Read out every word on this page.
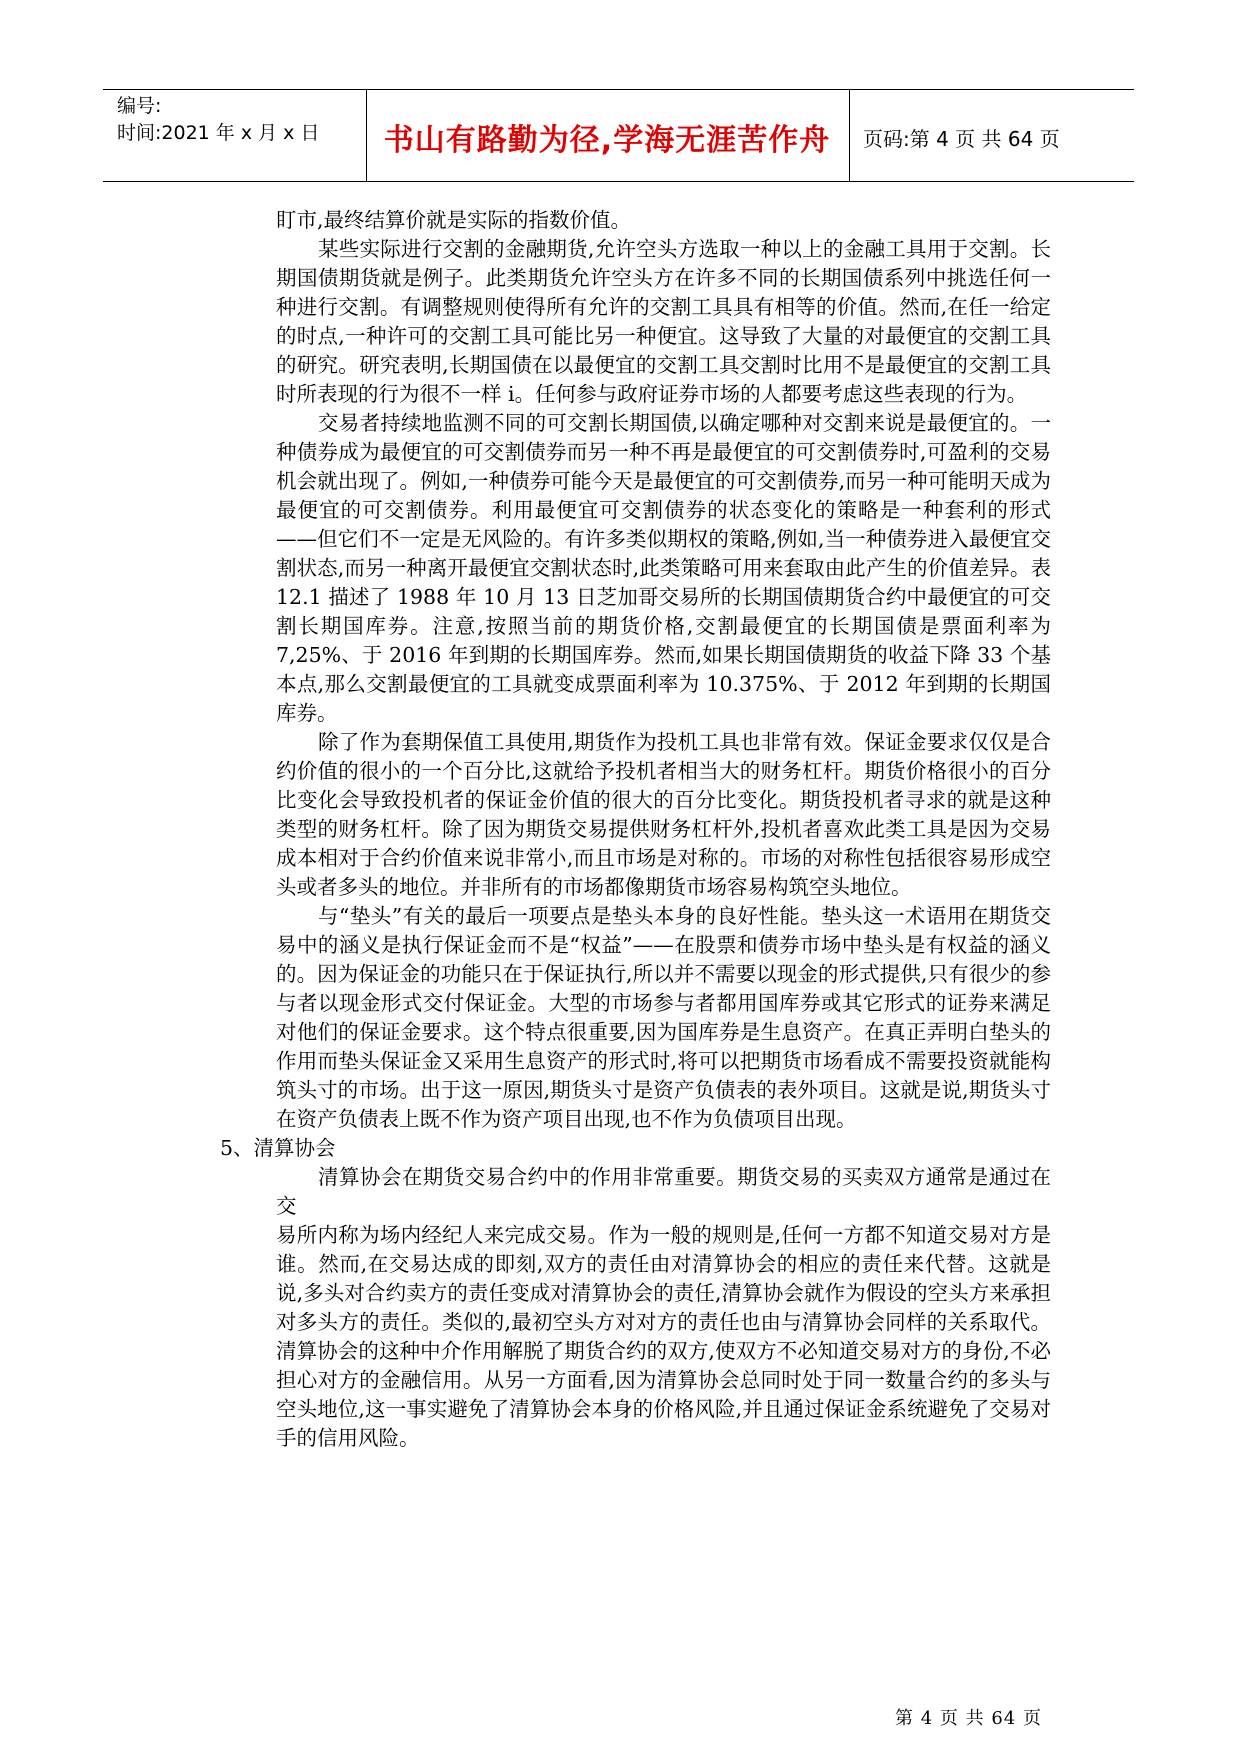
编号:
时间:2021 年 x 月 x 日	书山有路勤为径,学海无涯苦作舟	页码:第 4 页 共 64 页

盯市,最终结算价就是实际的指数价值。

某些实际进行交割的金融期货,允许空头方选取一种以上的金融工具用于交割。长期国债期货就是例子。此类期货允许空头方在许多不同的长期国债系列中挑选任何一种进行交割。有调整规则使得所有允许的交割工具具有相等的价值。然而,在任一给定的时点,一种许可的交割工具可能比另一种便宜。这导致了大量的对最便宜的交割工具的研究。研究表明,长期国债在以最便宜的交割工具交割时比用不是最便宜的交割工具时所表现的行为很不一样 i。任何参与政府证券市场的人都要考虑这些表现的行为。

交易者持续地监测不同的可交割长期国债,以确定哪种对交割来说是最便宜的。一种债券成为最便宜的可交割债券而另一种不再是最便宜的可交割债券时,可盈利的交易机会就出现了。例如,一种债券可能今天是最便宜的可交割债券,而另一种可能明天成为最便宜的可交割债券。利用最便宜可交割债券的状态变化的策略是一种套利的形式——但它们不一定是无风险的。有许多类似期权的策略,例如,当一种债券进入最便宜交割状态,而另一种离开最便宜交割状态时,此类策略可用来套取由此产生的价值差异。表 12.1 描述了 1988 年 10 月 13 日芝加哥交易所的长期国债期货合约中最便宜的可交割长期国库券。注意,按照当前的期货价格,交割最便宜的长期国债是票面利率为 7,25%、于 2016 年到期的长期国库券。然而,如果长期国债期货的收益下降 33 个基本点,那么交割最便宜的工具就变成票面利率为 10.375%、于 2012 年到期的长期国库券。

除了作为套期保值工具使用,期货作为投机工具也非常有效。保证金要求仅仅是合约价值的很小的一个百分比,这就给予投机者相当大的财务杠杆。期货价格很小的百分比变化会导致投机者的保证金价值的很大的百分比变化。期货投机者寻求的就是这种类型的财务杠杆。除了因为期货交易提供财务杠杆外,投机者喜欢此类工具是因为交易成本相对于合约价值来说非常小,而且市场是对称的。市场的对称性包括很容易形成空头或者多头的地位。并非所有的市场都像期货市场容易构筑空头地位。

与“垫头”有关的最后一项要点是垫头本身的良好性能。垫头这一术语用在期货交易中的涵义是执行保证金而不是“权益”——在股票和债券市场中垫头是有权益的涵义的。因为保证金的功能只在于保证执行,所以并不需要以现金的形式提供,只有很少的参与者以现金形式交付保证金。大型的市场参与者都用国库券或其它形式的证券来满足对他们的保证金要求。这个特点很重要,因为国库券是生息资产。在真正弄明白垫头的作用而垫头保证金又采用生息资产的形式时,将可以把期货市场看成不需要投资就能构筑头寸的市场。出于这一原因,期货头寸是资产负债表的表外项目。这就是说,期货头寸在资产负债表上既不作为资产项目出现,也不作为负债项目出现。

5、清算协会

清算协会在期货交易合约中的作用非常重要。期货交易的买卖双方通常是通过在交

易所内称为场内经纪人来完成交易。作为一般的规则是,任何一方都不知道交易对方是谁。然而,在交易达成的即刻,双方的责任由对清算协会的相应的责任来代替。这就是说,多头对合约卖方的责任变成对清算协会的责任,清算协会就作为假设的空头方来承担对多头方的责任。类似的,最初空头方对对方的责任也由与清算协会同样的关系取代。清算协会的这种中介作用解脱了期货合约的双方,使双方不必知道交易对方的身份,不必担心对方的金融信用。从另一方面看,因为清算协会总同时处于同一数量合约的多头与空头地位,这一事实避免了清算协会本身的价格风险,并且通过保证金系统避免了交易对手的信用风险。

第 4 页 共 64 页
